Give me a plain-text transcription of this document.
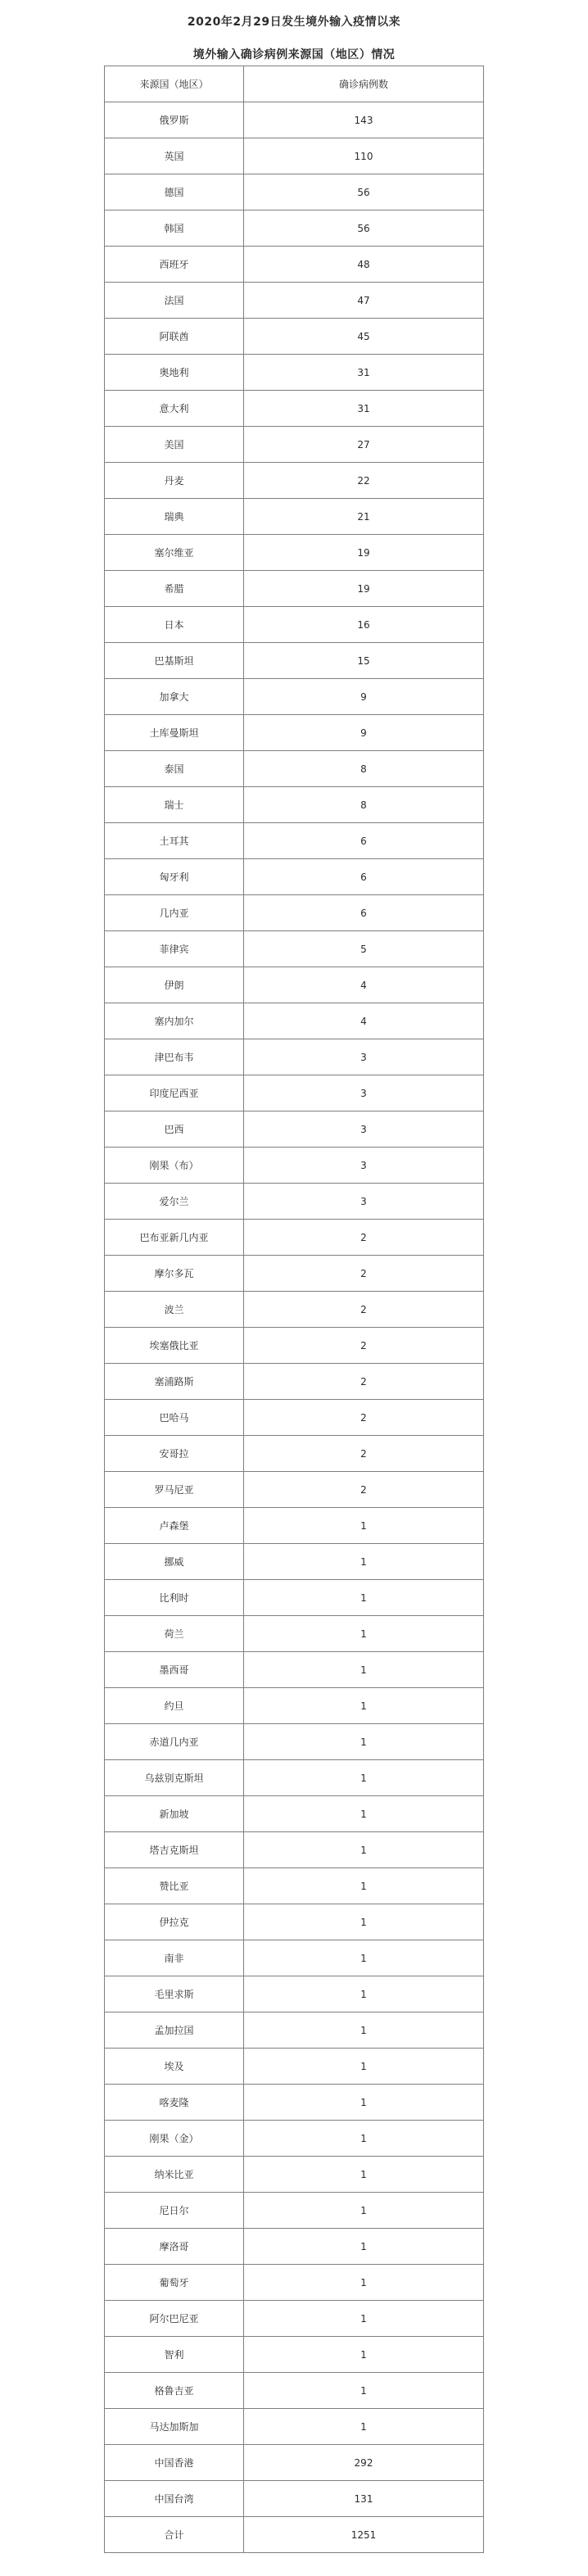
2020年2月29日发生境外输入疫情以来
境外输入确诊病例来源国（地区）情况
来源国（地区）	确诊病例数
俄罗斯	143
英国	110
德国	56
韩国	56
西班牙	48
法国	47
阿联酋	45
奥地利	31
意大利	31
美国	27
丹麦	22
瑞典	21
塞尔维亚	19
希腊	19
日本	16
巴基斯坦	15
加拿大	9
土库曼斯坦	9
泰国	8
瑞士	8
土耳其	6
匈牙利	6
几内亚	6
菲律宾	5
伊朗	4
塞内加尔	4
津巴布韦	3
印度尼西亚	3
巴西	3
刚果（布）	3
爱尔兰	3
巴布亚新几内亚	2
摩尔多瓦	2
波兰	2
埃塞俄比亚	2
塞浦路斯	2
巴哈马	2
安哥拉	2
罗马尼亚	2
卢森堡	1
挪威	1
比利时	1
荷兰	1
墨西哥	1
约旦	1
赤道几内亚	1
乌兹别克斯坦	1
新加坡	1
塔吉克斯坦	1
赞比亚	1
伊拉克	1
南非	1
毛里求斯	1
孟加拉国	1
埃及	1
喀麦隆	1
刚果（金）	1
纳米比亚	1
尼日尔	1
摩洛哥	1
葡萄牙	1
阿尔巴尼亚	1
智利	1
格鲁吉亚	1
马达加斯加	1
中国香港	292
中国台湾	131
合计	1251
